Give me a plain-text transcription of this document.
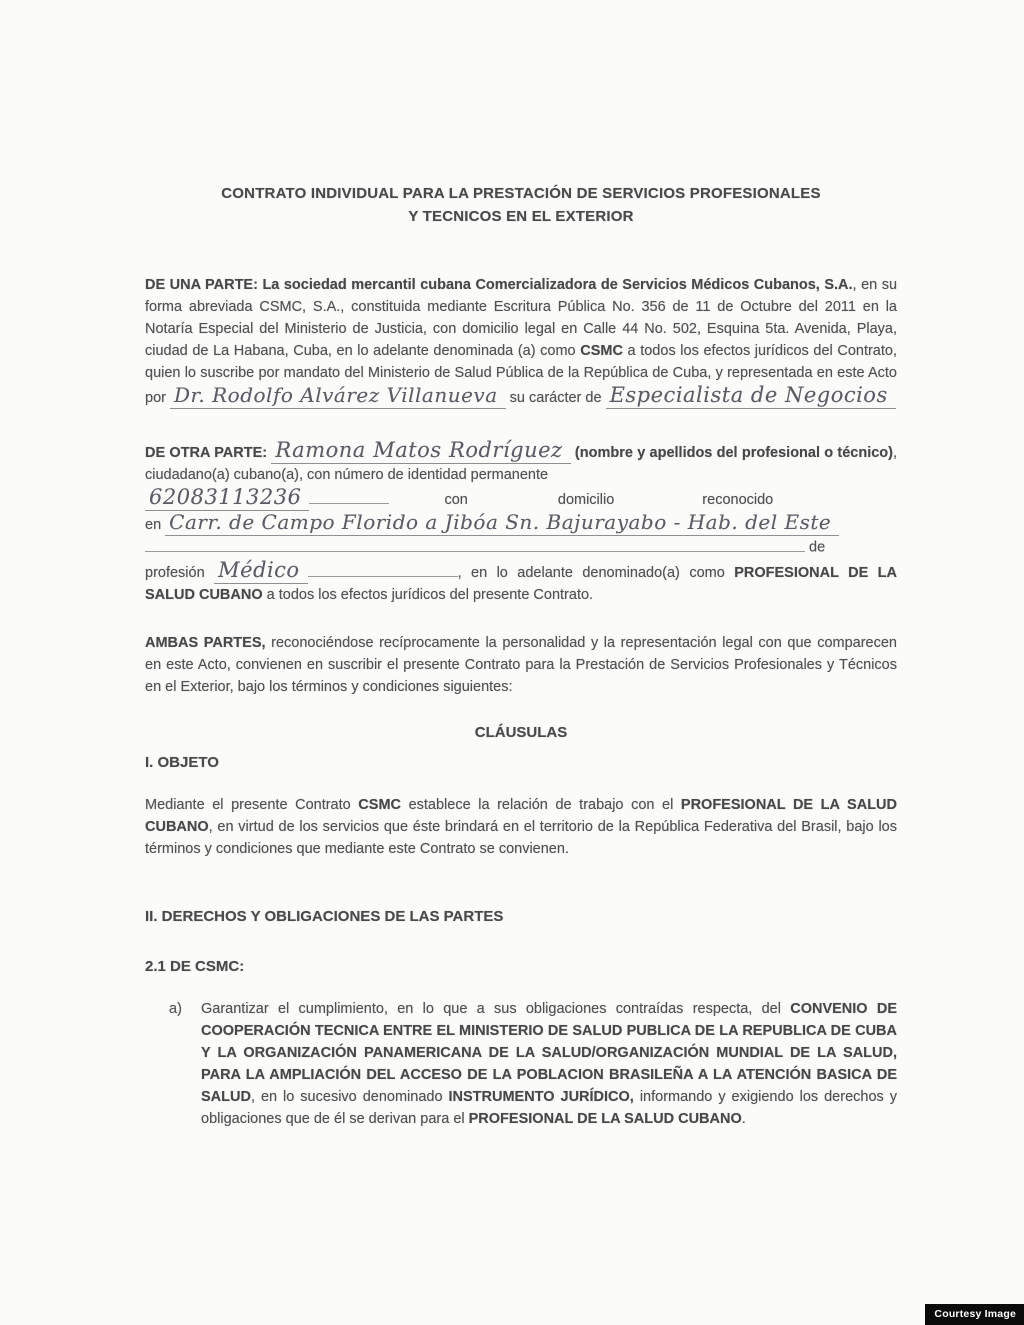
CONTRATO INDIVIDUAL PARA LA PRESTACIÓN DE SERVICIOS PROFESIONALES
Y TECNICOS EN EL EXTERIOR

DE UNA PARTE: La sociedad mercantil cubana Comercializadora de Servicios Médicos Cubanos, S.A., en su forma abreviada CSMC, S.A., constituida mediante Escritura Pública No. 356 de 11 de Octubre del 2011 en la Notaría Especial del Ministerio de Justicia, con domicilio legal en Calle 44 No. 502, Esquina 5ta. Avenida, Playa, ciudad de La Habana, Cuba, en lo adelante denominada (a) como CSMC a todos los efectos jurídicos del Contrato, quien lo suscribe por mandato del Ministerio de Salud Pública de la República de Cuba, y representada en este Acto por Dr. Rodolfo Alvárez Villanueva su carácter de Especialista de Negocios

DE OTRA PARTE: Ramona Matos Rodríguez (nombre y apellidos del profesional o técnico), ciudadano(a) cubano(a), con número de identidad permanente
62083113236	con	domicilio	reconocido
en Carr. de Campo Florido a Jibóa Sn. Bajurayabo - Hab. del Este
de
profesión Médico	, en lo adelante denominado(a) como PROFESIONAL DE LA SALUD CUBANO a todos los efectos jurídicos del presente Contrato.

AMBAS PARTES, reconociéndose recíprocamente la personalidad y la representación legal con que comparecen en este Acto, convienen en suscribir el presente Contrato para la Prestación de Servicios Profesionales y Técnicos en el Exterior, bajo los términos y condiciones siguientes:

CLÁUSULAS
I. OBJETO

Mediante el presente Contrato CSMC establece la relación de trabajo con el PROFESIONAL DE LA SALUD CUBANO, en virtud de los servicios que éste brindará en el territorio de la República Federativa del Brasil, bajo los términos y condiciones que mediante este Contrato se convienen.

II. DERECHOS Y OBLIGACIONES DE LAS PARTES
2.1 DE CSMC:
a)	Garantizar el cumplimiento, en lo que a sus obligaciones contraídas respecta, del CONVENIO DE COOPERACIÓN TECNICA ENTRE EL MINISTERIO DE SALUD PUBLICA DE LA REPUBLICA DE CUBA Y LA ORGANIZACIÓN PANAMERICANA DE LA SALUD/ORGANIZACIÓN MUNDIAL DE LA SALUD, PARA LA AMPLIACIÓN DEL ACCESO DE LA POBLACION BRASILEÑA A LA ATENCIÓN BASICA DE SALUD, en lo sucesivo denominado INSTRUMENTO JURÍDICO, informando y exigiendo los derechos y obligaciones que de él se derivan para el PROFESIONAL DE LA SALUD CUBANO.
Courtesy Image
